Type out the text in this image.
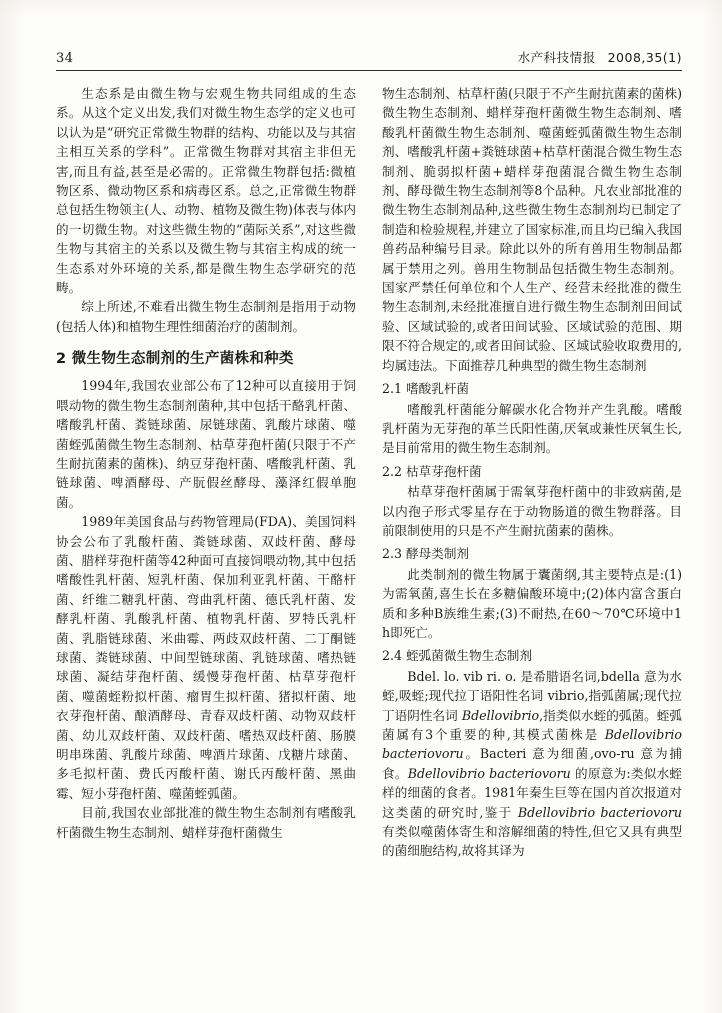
34	水产科技情报 2008,35(1)

生态系是由微生物与宏观生物共同组成的生态系。从这个定义出发,我们对微生物生态学的定义也可以认为是“研究正常微生物群的结构、功能以及与其宿主相互关系的学科”。正常微生物群对其宿主非但无害,而且有益,甚至是必需的。正常微生物群包括:微植物区系、微动物区系和病毒区系。总之,正常微生物群总包括生物领主(人、动物、植物及微生物)体表与体内的一切微生物。对这些微生物的“菌际关系”,对这些微生物与其宿主的关系以及微生物与其宿主构成的统一生态系对外环境的关系,都是微生物生态学研究的范畴。

综上所述,不难看出微生物生态制剂是指用于动物(包括人体)和植物生理性细菌治疗的菌制剂。

2 微生物生态制剂的生产菌株和种类

1994年,我国农业部公布了12种可以直接用于饲喂动物的微生物生态制剂菌种,其中包括干酪乳杆菌、嗜酸乳杆菌、粪链球菌、尿链球菌、乳酸片球菌、噬菌蛭弧菌微生物生态制剂、枯草芽孢杆菌(只限于不产生耐抗菌素的菌株)、纳豆芽孢杆菌、嗜酸乳杆菌、乳链球菌、啤酒酵母、产朊假丝酵母、藻泽红假单胞菌。

1989年美国食品与药物管理局(FDA)、美国饲料协会公布了乳酸杆菌、粪链球菌、双歧杆菌、酵母菌、腊样芽孢杆菌等42种面可直接饲喂动物,其中包括嗜酸性乳杆菌、短乳杆菌、保加利亚乳杆菌、干酪杆菌、纤维二糖乳杆菌、弯曲乳杆菌、德氏乳杆菌、发酵乳杆菌、乳酸乳杆菌、植物乳杆菌、罗特氏乳杆菌、乳脂链球菌、米曲霉、两歧双歧杆菌、二丁酮链球菌、粪链球菌、中间型链球菌、乳链球菌、嗜热链球菌、凝结芽孢杆菌、缓慢芽孢杆菌、枯草芽孢杆菌、噬菌蛭粉拟杆菌、瘤胃生拟杆菌、猪拟杆菌、地衣芽孢杆菌、酿酒酵母、青春双歧杆菌、动物双歧杆菌、幼儿双歧杆菌、双歧杆菌、嗜热双歧杆菌、肠膜明串珠菌、乳酸片球菌、啤酒片球菌、戊糖片球菌、多毛拟杆菌、费氏丙酸杆菌、谢氏丙酸杆菌、黑曲霉、短小芽孢杆菌、噬菌蛭弧菌。

目前,我国农业部批准的微生物生态制剂有嗜酸乳杆菌微生物生态制剂、蜡样芽孢杆菌微生

物生态制剂、枯草杆菌(只限于不产生耐抗菌素的菌株)微生物生态制剂、蜡样芽孢杆菌微生物生态制剂、嗜酸乳杆菌微生物生态制剂、噬菌蛭弧菌微生物生态制剂、嗜酸乳杆菌+粪链球菌+枯草杆菌混合微生物生态制剂、脆弱拟杆菌+蜡样芽孢菌混合微生物生态制剂、酵母微生物生态制剂等8个品种。凡农业部批准的微生物生态制剂品种,这些微生物生态制剂均已制定了制造和检验规程,并建立了国家标准,而且均已编入我国兽药品种编号目录。除此以外的所有兽用生物制品都属于禁用之列。兽用生物制品包括微生物生态制剂。国家严禁任何单位和个人生产、经营未经批准的微生物生态制剂,未经批准擅自进行微生物生态制剂田间试验、区域试验的,或者田间试验、区域试验的范围、期限不符合规定的,或者田间试验、区域试验收取费用的,均属违法。下面推荐几种典型的微生物生态制剂

2.1 嗜酸乳杆菌

嗜酸乳杆菌能分解碳水化合物并产生乳酸。嗜酸乳杆菌为无芽孢的革兰氏阳性菌,厌氧或兼性厌氧生长,是目前常用的微生物生态制剂。

2.2 枯草芽孢杆菌

枯草芽孢杆菌属于需氧芽孢杆菌中的非致病菌,是以内孢子形式零星存在于动物肠道的微生物群落。目前限制使用的只是不产生耐抗菌素的菌株。

2.3 酵母类制剂

此类制剂的微生物属于囊菌纲,其主要特点是:(1)为需氧菌,喜生长在多糖偏酸环境中;(2)体内富含蛋白质和多种B族维生素;(3)不耐热,在60～70℃环境中1 h即死亡。

2.4 蛭弧菌微生物生态制剂

Bdel. lo. vib ri. o. 是希腊语名词,bdella 意为水蛭,吸蛭;现代拉丁语阳性名词 vibrio,指弧菌属;现代拉丁语阴性名词 Bdellovibrio,指类似水蛭的弧菌。蛭弧菌属有3个重要的种,其模式菌株是 Bdellovibrio bacteriovoru。Bacteri 意为细菌,ovo-ru 意为捕食。Bdellovibrio bacteriovoru 的原意为:类似水蛭样的细菌的食者。1981年秦生巨等在国内首次报道对这类菌的研究时,鉴于 Bdellovibrio bacteriovoru 有类似噬菌体寄生和溶解细菌的特性,但它又具有典型的菌细胞结构,故将其译为
